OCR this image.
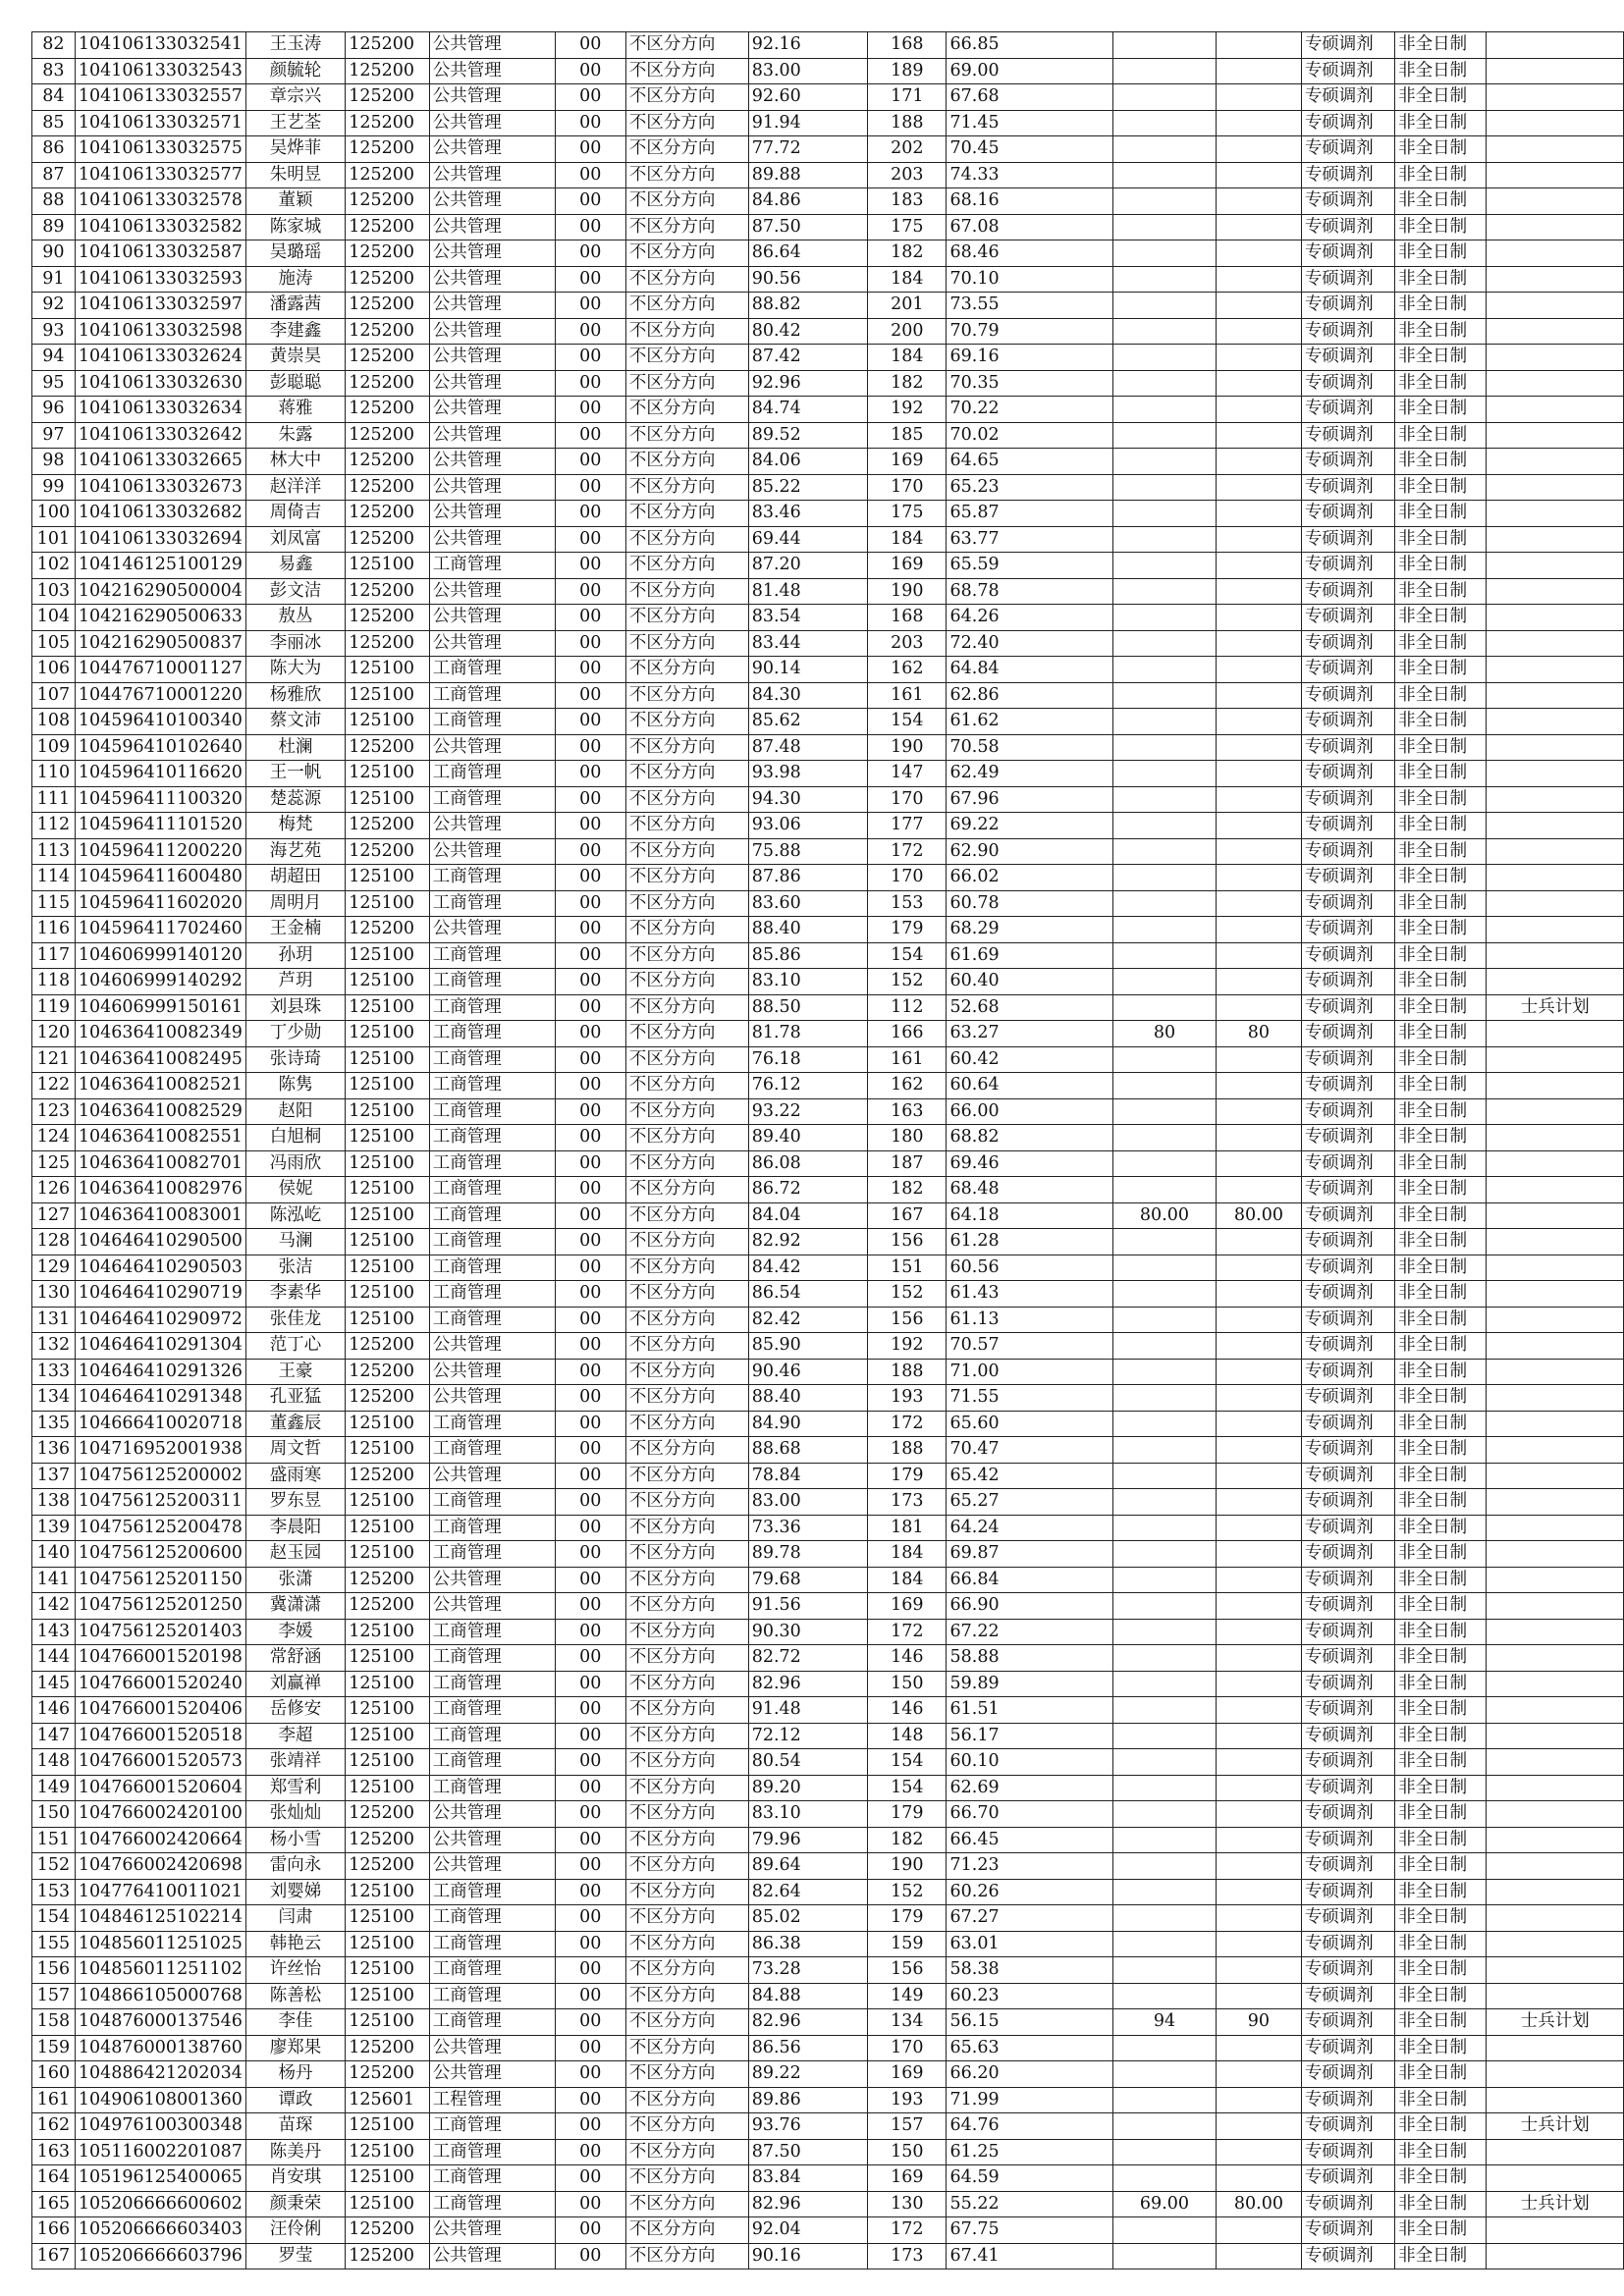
82	104106133032541	王玉涛	125200	公共管理	00	不区分方向	92.16	168	66.85			专硕调剂	非全日制	
83	104106133032543	颜毓轮	125200	公共管理	00	不区分方向	83.00	189	69.00			专硕调剂	非全日制	
84	104106133032557	章宗兴	125200	公共管理	00	不区分方向	92.60	171	67.68			专硕调剂	非全日制	
85	104106133032571	王艺荃	125200	公共管理	00	不区分方向	91.94	188	71.45			专硕调剂	非全日制	
86	104106133032575	吴烨菲	125200	公共管理	00	不区分方向	77.72	202	70.45			专硕调剂	非全日制	
87	104106133032577	朱明昱	125200	公共管理	00	不区分方向	89.88	203	74.33			专硕调剂	非全日制	
88	104106133032578	董颖	125200	公共管理	00	不区分方向	84.86	183	68.16			专硕调剂	非全日制	
89	104106133032582	陈家城	125200	公共管理	00	不区分方向	87.50	175	67.08			专硕调剂	非全日制	
90	104106133032587	吴璐瑶	125200	公共管理	00	不区分方向	86.64	182	68.46			专硕调剂	非全日制	
91	104106133032593	施涛	125200	公共管理	00	不区分方向	90.56	184	70.10			专硕调剂	非全日制	
92	104106133032597	潘露茜	125200	公共管理	00	不区分方向	88.82	201	73.55			专硕调剂	非全日制	
93	104106133032598	李建鑫	125200	公共管理	00	不区分方向	80.42	200	70.79			专硕调剂	非全日制	
94	104106133032624	黄崇昊	125200	公共管理	00	不区分方向	87.42	184	69.16			专硕调剂	非全日制	
95	104106133032630	彭聪聪	125200	公共管理	00	不区分方向	92.96	182	70.35			专硕调剂	非全日制	
96	104106133032634	蒋雅	125200	公共管理	00	不区分方向	84.74	192	70.22			专硕调剂	非全日制	
97	104106133032642	朱露	125200	公共管理	00	不区分方向	89.52	185	70.02			专硕调剂	非全日制	
98	104106133032665	林大中	125200	公共管理	00	不区分方向	84.06	169	64.65			专硕调剂	非全日制	
99	104106133032673	赵洋洋	125200	公共管理	00	不区分方向	85.22	170	65.23			专硕调剂	非全日制	
100	104106133032682	周倚吉	125200	公共管理	00	不区分方向	83.46	175	65.87			专硕调剂	非全日制	
101	104106133032694	刘凤富	125200	公共管理	00	不区分方向	69.44	184	63.77			专硕调剂	非全日制	
102	104146125100129	易鑫	125100	工商管理	00	不区分方向	87.20	169	65.59			专硕调剂	非全日制	
103	104216290500004	彭文洁	125200	公共管理	00	不区分方向	81.48	190	68.78			专硕调剂	非全日制	
104	104216290500633	敖丛	125200	公共管理	00	不区分方向	83.54	168	64.26			专硕调剂	非全日制	
105	104216290500837	李丽冰	125200	公共管理	00	不区分方向	83.44	203	72.40			专硕调剂	非全日制	
106	104476710001127	陈大为	125100	工商管理	00	不区分方向	90.14	162	64.84			专硕调剂	非全日制	
107	104476710001220	杨雅欣	125100	工商管理	00	不区分方向	84.30	161	62.86			专硕调剂	非全日制	
108	104596410100340	蔡文沛	125100	工商管理	00	不区分方向	85.62	154	61.62			专硕调剂	非全日制	
109	104596410102640	杜澜	125200	公共管理	00	不区分方向	87.48	190	70.58			专硕调剂	非全日制	
110	104596410116620	王一帆	125100	工商管理	00	不区分方向	93.98	147	62.49			专硕调剂	非全日制	
111	104596411100320	楚蕊源	125100	工商管理	00	不区分方向	94.30	170	67.96			专硕调剂	非全日制	
112	104596411101520	梅梵	125200	公共管理	00	不区分方向	93.06	177	69.22			专硕调剂	非全日制	
113	104596411200220	海艺苑	125200	公共管理	00	不区分方向	75.88	172	62.90			专硕调剂	非全日制	
114	104596411600480	胡超田	125100	工商管理	00	不区分方向	87.86	170	66.02			专硕调剂	非全日制	
115	104596411602020	周明月	125100	工商管理	00	不区分方向	83.60	153	60.78			专硕调剂	非全日制	
116	104596411702460	王金楠	125200	公共管理	00	不区分方向	88.40	179	68.29			专硕调剂	非全日制	
117	104606999140120	孙玥	125100	工商管理	00	不区分方向	85.86	154	61.69			专硕调剂	非全日制	
118	104606999140292	芦玥	125100	工商管理	00	不区分方向	83.10	152	60.40			专硕调剂	非全日制	
119	104606999150161	刘县珠	125100	工商管理	00	不区分方向	88.50	112	52.68			专硕调剂	非全日制	士兵计划
120	104636410082349	丁少勋	125100	工商管理	00	不区分方向	81.78	166	63.27	80	80	专硕调剂	非全日制	
121	104636410082495	张诗琦	125100	工商管理	00	不区分方向	76.18	161	60.42			专硕调剂	非全日制	
122	104636410082521	陈隽	125100	工商管理	00	不区分方向	76.12	162	60.64			专硕调剂	非全日制	
123	104636410082529	赵阳	125100	工商管理	00	不区分方向	93.22	163	66.00			专硕调剂	非全日制	
124	104636410082551	白旭桐	125100	工商管理	00	不区分方向	89.40	180	68.82			专硕调剂	非全日制	
125	104636410082701	冯雨欣	125100	工商管理	00	不区分方向	86.08	187	69.46			专硕调剂	非全日制	
126	104636410082976	侯妮	125100	工商管理	00	不区分方向	86.72	182	68.48			专硕调剂	非全日制	
127	104636410083001	陈泓屹	125100	工商管理	00	不区分方向	84.04	167	64.18	80.00	80.00	专硕调剂	非全日制	
128	104646410290500	马澜	125100	工商管理	00	不区分方向	82.92	156	61.28			专硕调剂	非全日制	
129	104646410290503	张洁	125100	工商管理	00	不区分方向	84.42	151	60.56			专硕调剂	非全日制	
130	104646410290719	李素华	125100	工商管理	00	不区分方向	86.54	152	61.43			专硕调剂	非全日制	
131	104646410290972	张佳龙	125100	工商管理	00	不区分方向	82.42	156	61.13			专硕调剂	非全日制	
132	104646410291304	范丁心	125200	公共管理	00	不区分方向	85.90	192	70.57			专硕调剂	非全日制	
133	104646410291326	王豪	125200	公共管理	00	不区分方向	90.46	188	71.00			专硕调剂	非全日制	
134	104646410291348	孔亚猛	125200	公共管理	00	不区分方向	88.40	193	71.55			专硕调剂	非全日制	
135	104666410020718	董鑫辰	125100	工商管理	00	不区分方向	84.90	172	65.60			专硕调剂	非全日制	
136	104716952001938	周文哲	125100	工商管理	00	不区分方向	88.68	188	70.47			专硕调剂	非全日制	
137	104756125200002	盛雨寒	125200	公共管理	00	不区分方向	78.84	179	65.42			专硕调剂	非全日制	
138	104756125200311	罗东昱	125100	工商管理	00	不区分方向	83.00	173	65.27			专硕调剂	非全日制	
139	104756125200478	李晨阳	125100	工商管理	00	不区分方向	73.36	181	64.24			专硕调剂	非全日制	
140	104756125200600	赵玉园	125100	工商管理	00	不区分方向	89.78	184	69.87			专硕调剂	非全日制	
141	104756125201150	张潇	125200	公共管理	00	不区分方向	79.68	184	66.84			专硕调剂	非全日制	
142	104756125201250	冀潇潇	125200	公共管理	00	不区分方向	91.56	169	66.90			专硕调剂	非全日制	
143	104756125201403	李媛	125100	工商管理	00	不区分方向	90.30	172	67.22			专硕调剂	非全日制	
144	104766001520198	常舒涵	125100	工商管理	00	不区分方向	82.72	146	58.88			专硕调剂	非全日制	
145	104766001520240	刘赢禅	125100	工商管理	00	不区分方向	82.96	150	59.89			专硕调剂	非全日制	
146	104766001520406	岳修安	125100	工商管理	00	不区分方向	91.48	146	61.51			专硕调剂	非全日制	
147	104766001520518	李超	125100	工商管理	00	不区分方向	72.12	148	56.17			专硕调剂	非全日制	
148	104766001520573	张靖祥	125100	工商管理	00	不区分方向	80.54	154	60.10			专硕调剂	非全日制	
149	104766001520604	郑雪利	125100	工商管理	00	不区分方向	89.20	154	62.69			专硕调剂	非全日制	
150	104766002420100	张灿灿	125200	公共管理	00	不区分方向	83.10	179	66.70			专硕调剂	非全日制	
151	104766002420664	杨小雪	125200	公共管理	00	不区分方向	79.96	182	66.45			专硕调剂	非全日制	
152	104766002420698	雷向永	125200	公共管理	00	不区分方向	89.64	190	71.23			专硕调剂	非全日制	
153	104776410011021	刘婴娣	125100	工商管理	00	不区分方向	82.64	152	60.26			专硕调剂	非全日制	
154	104846125102214	闫肃	125100	工商管理	00	不区分方向	85.02	179	67.27			专硕调剂	非全日制	
155	104856011251025	韩艳云	125100	工商管理	00	不区分方向	86.38	159	63.01			专硕调剂	非全日制	
156	104856011251102	许丝怡	125100	工商管理	00	不区分方向	73.28	156	58.38			专硕调剂	非全日制	
157	104866105000768	陈善松	125100	工商管理	00	不区分方向	84.88	149	60.23			专硕调剂	非全日制	
158	104876000137546	李佳	125100	工商管理	00	不区分方向	82.96	134	56.15	94	90	专硕调剂	非全日制	士兵计划
159	104876000138760	廖郑果	125200	公共管理	00	不区分方向	86.56	170	65.63			专硕调剂	非全日制	
160	104886421202034	杨丹	125200	公共管理	00	不区分方向	89.22	169	66.20			专硕调剂	非全日制	
161	104906108001360	谭政	125601	工程管理	00	不区分方向	89.86	193	71.99			专硕调剂	非全日制	
162	104976100300348	苗琛	125100	工商管理	00	不区分方向	93.76	157	64.76			专硕调剂	非全日制	士兵计划
163	105116002201087	陈美丹	125100	工商管理	00	不区分方向	87.50	150	61.25			专硕调剂	非全日制	
164	105196125400065	肖安琪	125100	工商管理	00	不区分方向	83.84	169	64.59			专硕调剂	非全日制	
165	105206666600602	颜秉荣	125100	工商管理	00	不区分方向	82.96	130	55.22	69.00	80.00	专硕调剂	非全日制	士兵计划
166	105206666603403	汪伶俐	125200	公共管理	00	不区分方向	92.04	172	67.75			专硕调剂	非全日制	
167	105206666603796	罗莹	125200	公共管理	00	不区分方向	90.16	173	67.41			专硕调剂	非全日制	
